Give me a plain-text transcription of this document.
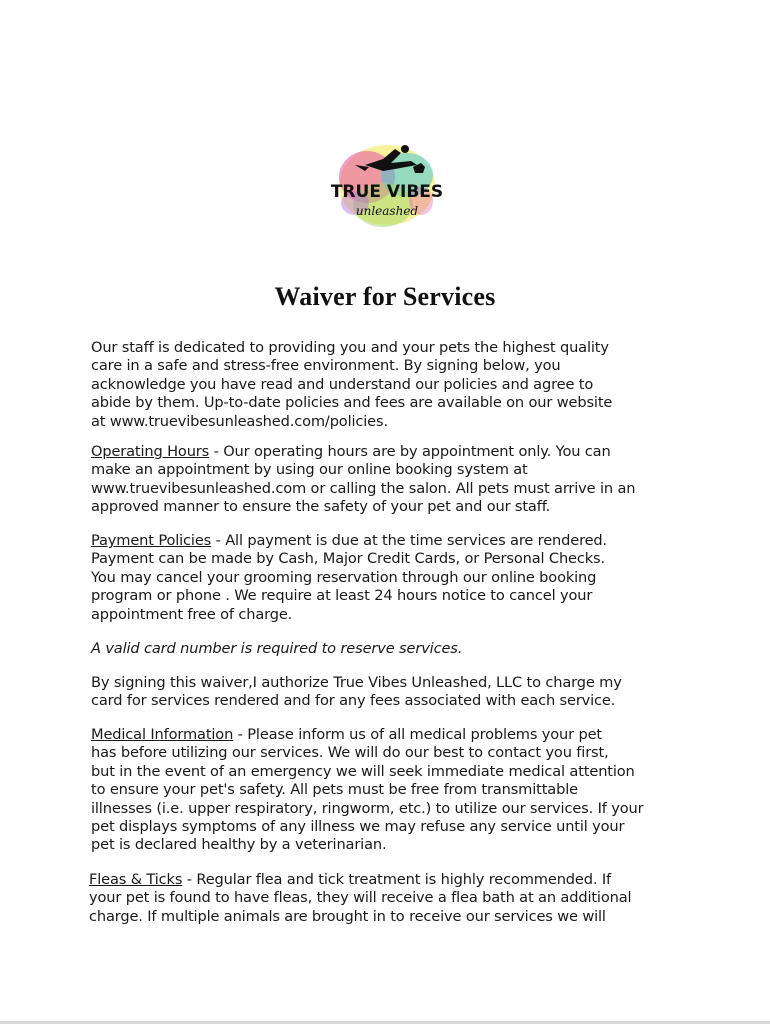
TRUE VIBES
unleashed
Waiver for Services
Our staff is dedicated to providing you and your pets the highest quality
care in a safe and stress-free environment. By signing below, you
acknowledge you have read and understand our policies and agree to
abide by them. Up-to-date policies and fees are available on our website
at www.truevibesunleashed.com/policies.
Operating Hours - Our operating hours are by appointment only. You can
make an appointment by using our online booking system at
www.truevibesunleashed.com or calling the salon. All pets must arrive in an
approved manner to ensure the safety of your pet and our staff.
Payment Policies - All payment is due at the time services are rendered.
Payment can be made by Cash, Major Credit Cards, or Personal Checks.
You may cancel your grooming reservation through our online booking
program or phone . We require at least 24 hours notice to cancel your
appointment free of charge.
A valid card number is required to reserve services.
By signing this waiver,I authorize True Vibes Unleashed, LLC to charge my
card for services rendered and for any fees associated with each service.
Medical Information - Please inform us of all medical problems your pet
has before utilizing our services. We will do our best to contact you first,
but in the event of an emergency we will seek immediate medical attention
to ensure your pet's safety. All pets must be free from transmittable
illnesses (i.e. upper respiratory, ringworm, etc.) to utilize our services. If your
pet displays symptoms of any illness we may refuse any service until your
pet is declared healthy by a veterinarian.
Fleas & Ticks - Regular flea and tick treatment is highly recommended. If
your pet is found to have fleas, they will receive a flea bath at an additional
charge. If multiple animals are brought in to receive our services we will
